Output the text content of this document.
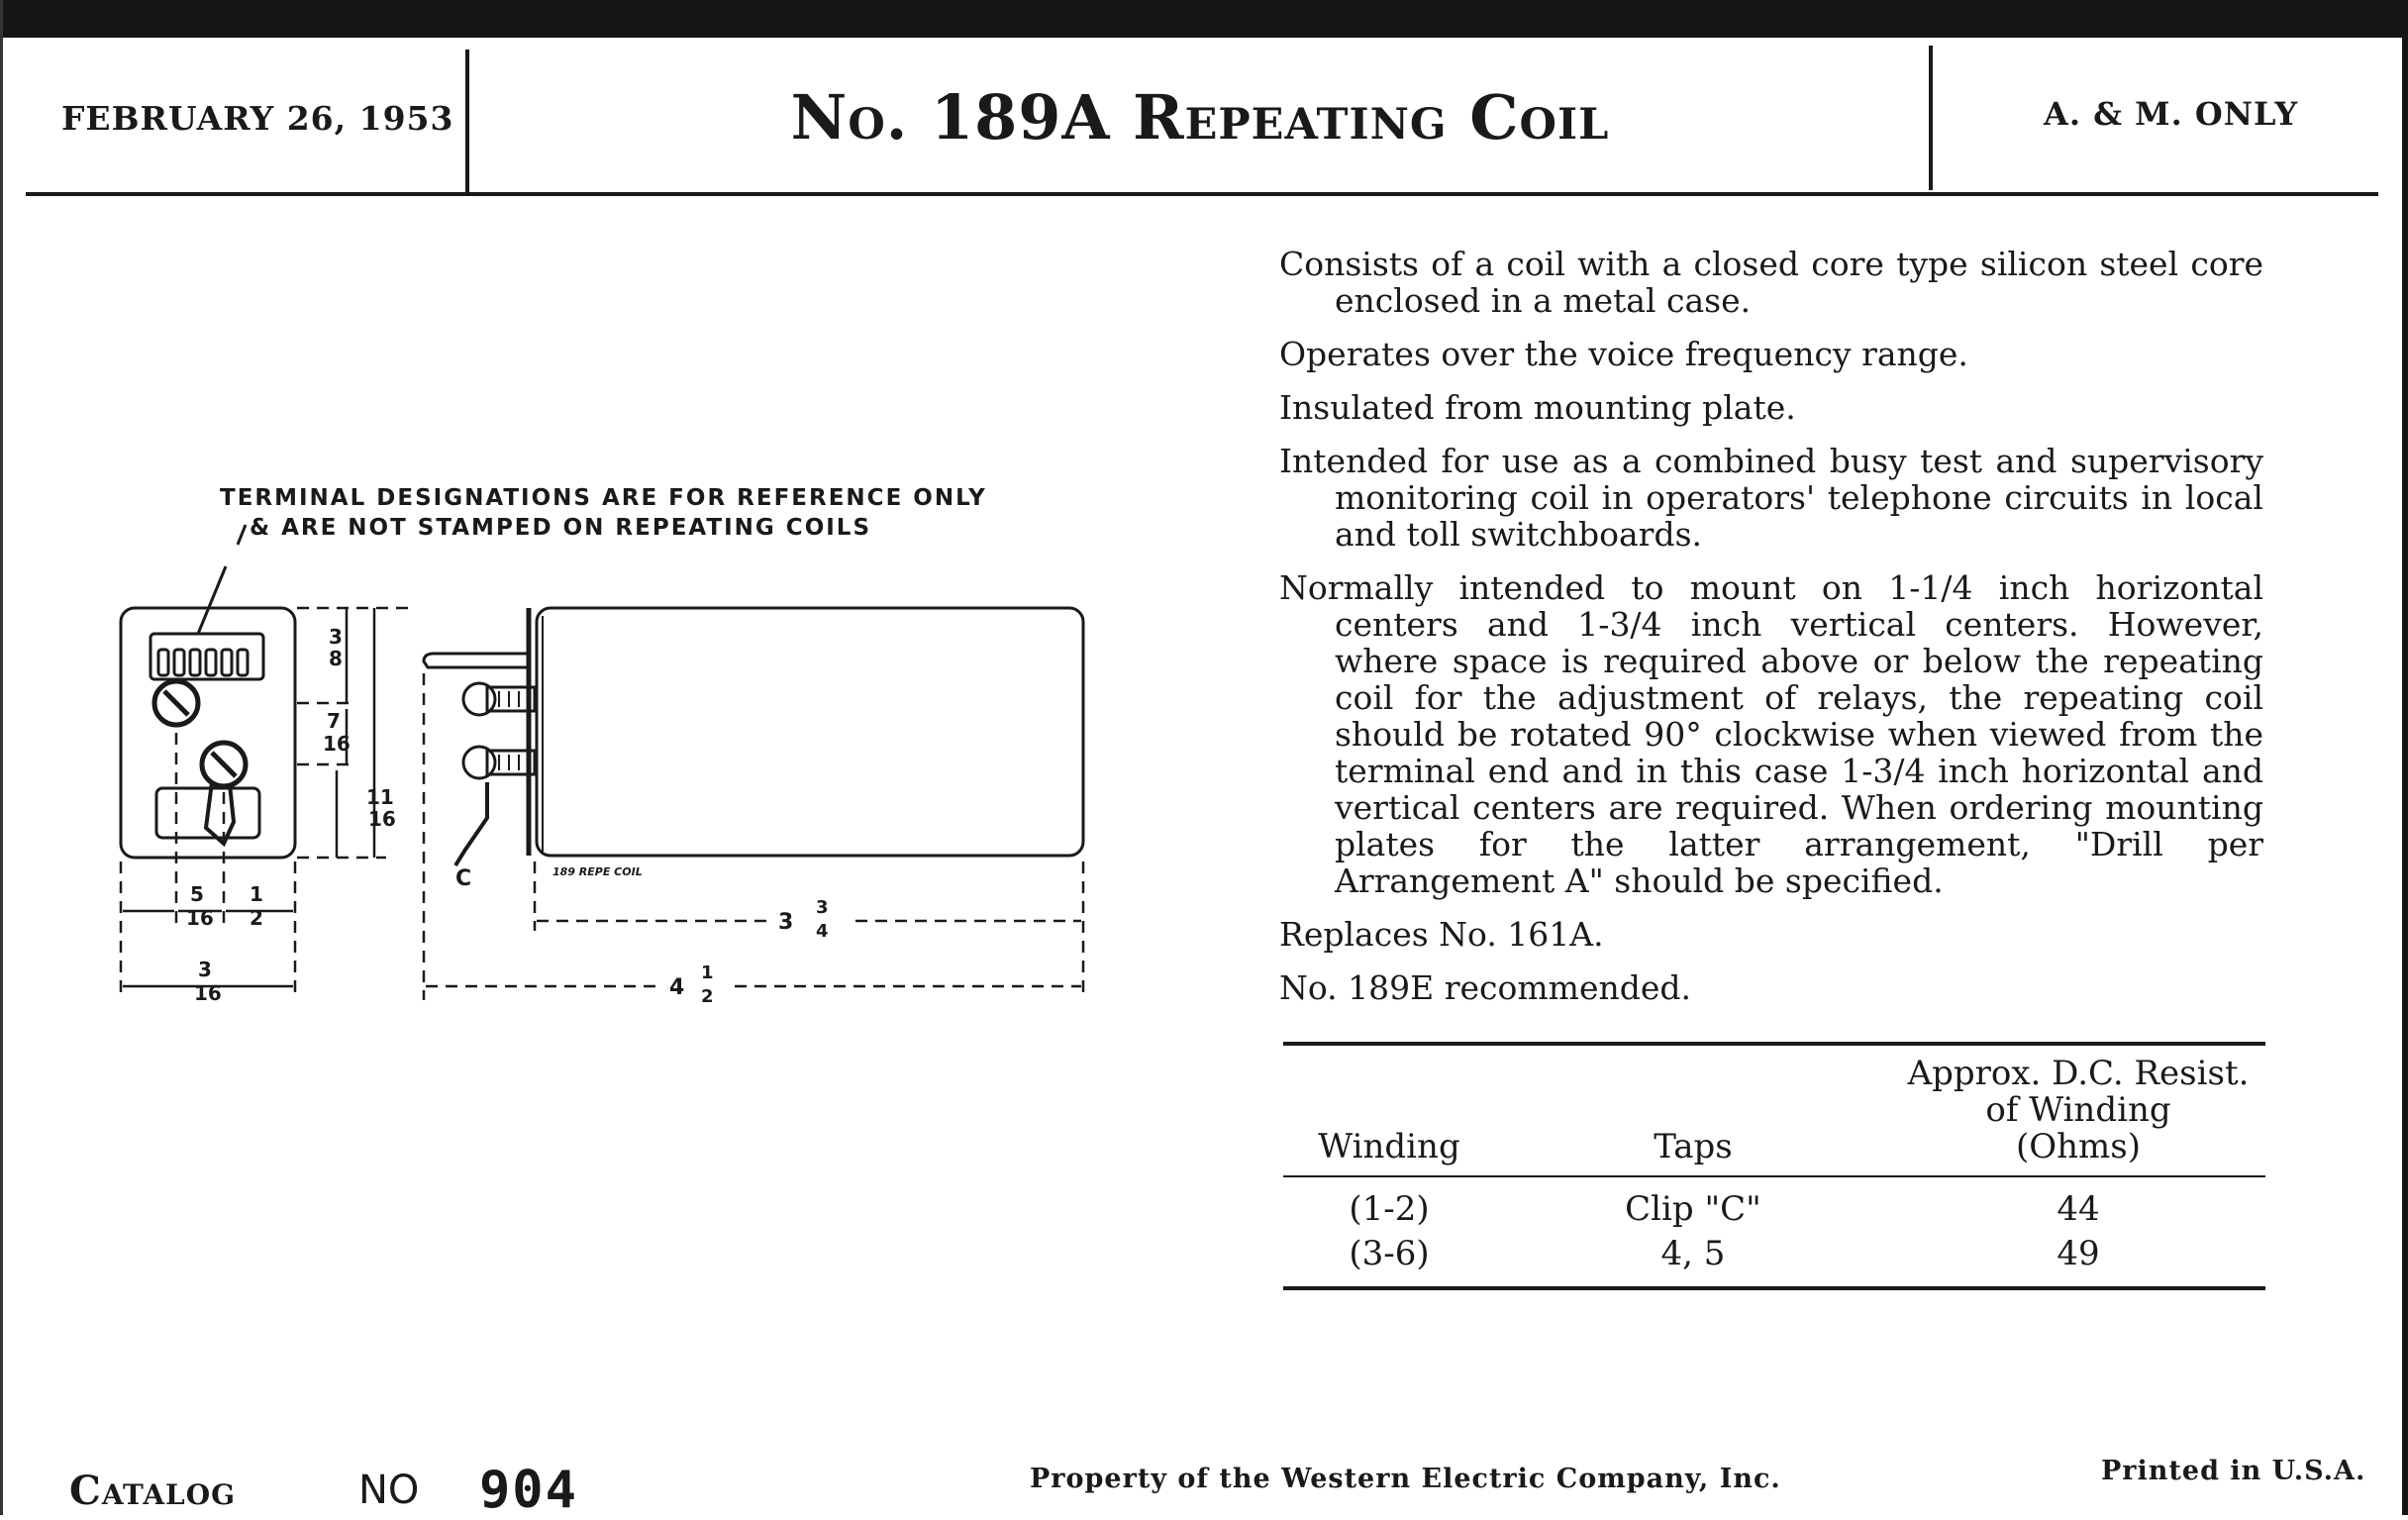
FEBRUARY 26, 1953	No. 189A Repeating Coil	A. & M. ONLY
TERMINAL DESIGNATIONS ARE FOR REFERENCE ONLY
& ARE NOT STAMPED ON REPEATING COILS
3
8
7
16
11
16
5
16
1
2
3
16
C	189 REPE COIL
3
3
4
4
1
2

Consists of a coil with a closed core type silicon steel core enclosed in a metal case.

Operates over the voice frequency range.

Insulated from mounting plate.

Intended for use as a combined busy test and supervisory monitoring coil in operators' telephone circuits in local and toll switchboards.

Normally intended to mount on 1-1/4 inch horizontal centers and 1-3/4 inch vertical centers. However, where space is required above or below the repeating coil for the adjustment of relays, the repeating coil should be rotated 90° clockwise when viewed from the terminal end and in this case 1-3/4 inch horizontal and vertical centers are required. When ordering mounting plates for the latter arrangement, "Drill per Arrangement A" should be specified.

Replaces No. 161A.

No. 189E recommended.

Winding	Taps	Approx. D.C. Resist.
of Winding
(Ohms)

(1-2)	Clip "C"	44
(3-6)	4, 5	49
Catalog	NO 904	Property of the Western Electric Company, Inc.	Printed in U.S.A.
